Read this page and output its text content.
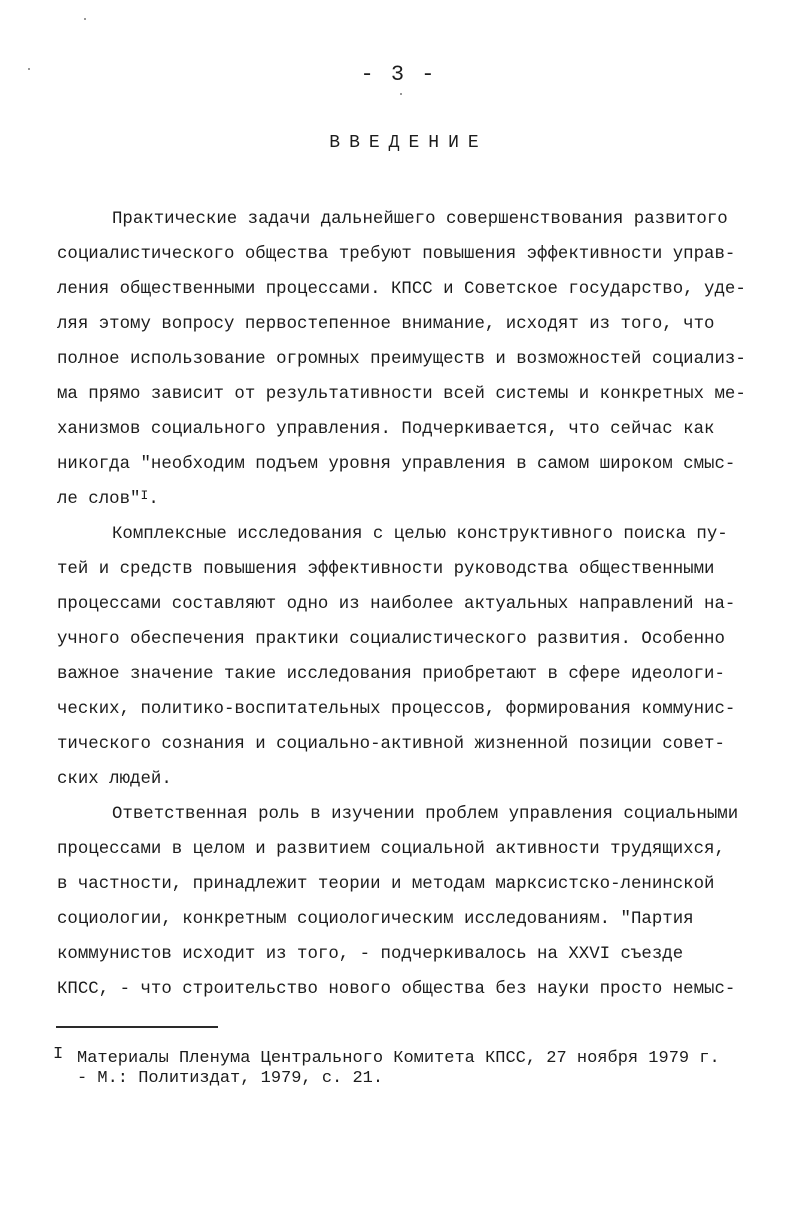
- 3 -
ВВЕДЕНИЕ
Практические задачи дальнейшего совершенствования развитого
социалистического общества требуют повышения эффективности управ-
ления общественными процессами. КПСС и Советское государство, уде-
ляя этому вопросу первостепенное внимание, исходят из того, что
полное использование огромных преимуществ и возможностей социализ-
ма прямо зависит от результативности всей системы и конкретных ме-
ханизмов социального управления. Подчеркивается, что сейчас как
никогда "необходим подъем уровня управления в самом широком смыс-
ле слов"$^I$.
Комплексные исследования с целью конструктивного поиска пу-
тей и средств повышения эффективности руководства общественными
процессами составляют одно из наиболее актуальных направлений на-
учного обеспечения практики социалистического развития. Особенно
важное значение такие исследования приобретают в сфере идеологи-
ческих, политико-воспитательных процессов, формирования коммунис-
тического сознания и социально-активной жизненной позиции совет-
ских людей.
Ответственная роль в изучении проблем управления социальными
процессами в целом и развитием социальной активности трудящихся,
в частности, принадлежит теории и методам марксистско-ленинской
социологии, конкретным социологическим исследованиям. "Партия
коммунистов исходит из того, - подчеркивалось на XXVI съезде
КПСС, - что строительство нового общества без науки просто немыс-
I Материалы Пленума Центрального Комитета КПСС, 27 ноября 1979 г.
- М.: Политиздат, 1979, с. 21.
